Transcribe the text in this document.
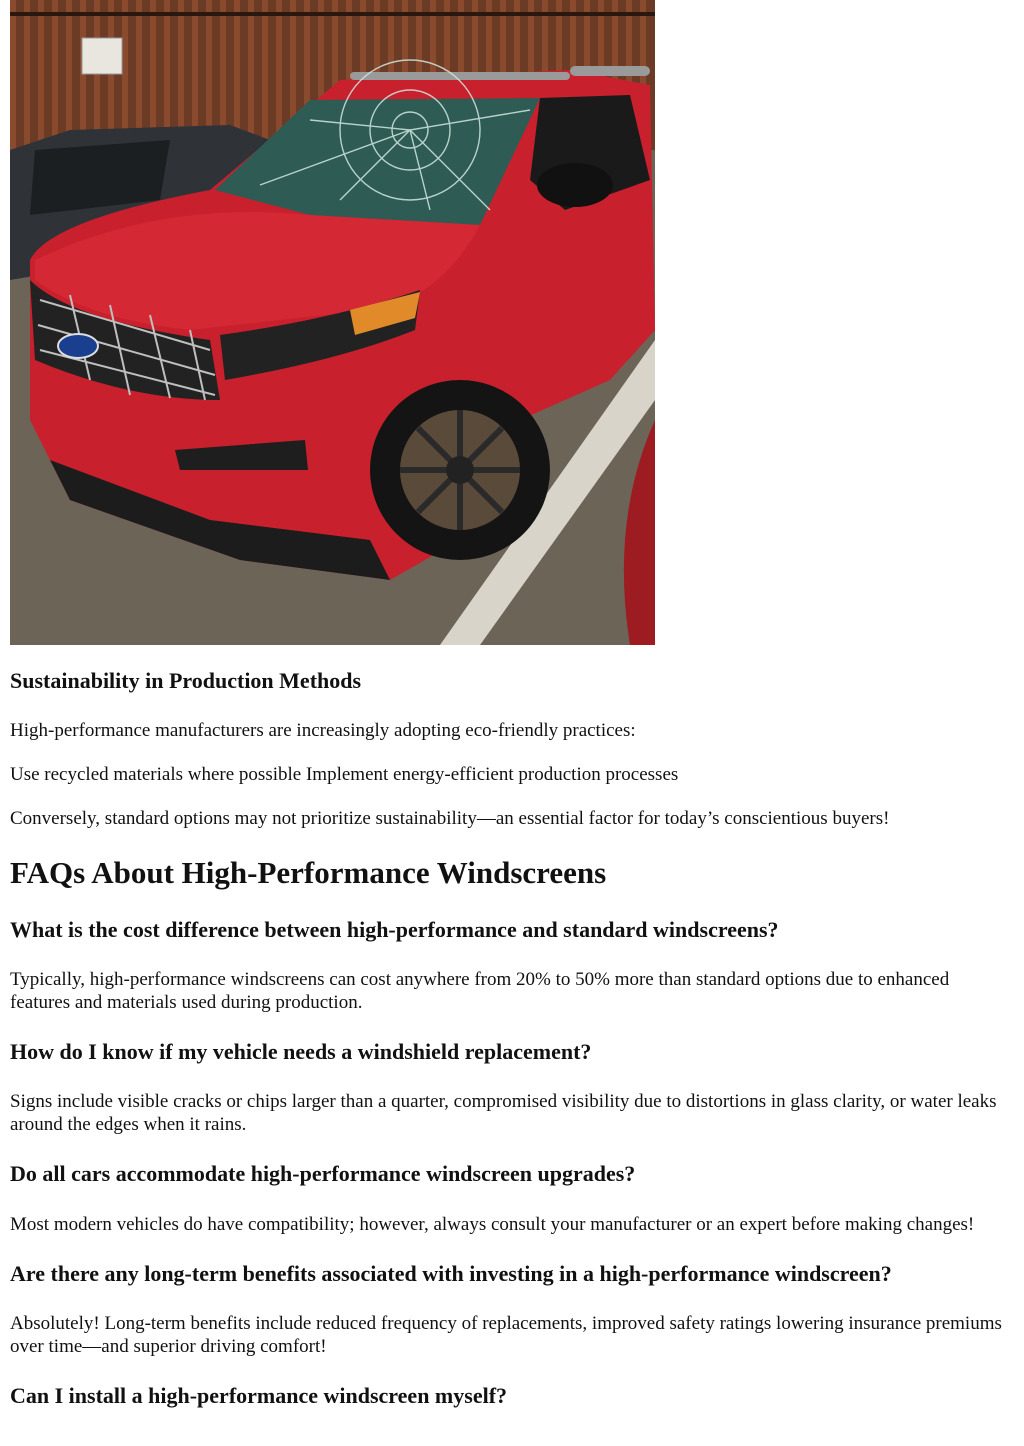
Sustainability in Production Methods

High-performance manufacturers are increasingly adopting eco-friendly practices:

Use recycled materials where possible Implement energy-efficient production processes

Conversely, standard options may not prioritize sustainability—an essential factor for today’s conscientious buyers!

FAQs About High-Performance Windscreens
What is the cost difference between high-performance and standard windscreens?

Typically, high-performance windscreens can cost anywhere from 20% to 50% more than standard options due to enhanced features and materials used during production.

How do I know if my vehicle needs a windshield replacement?

Signs include visible cracks or chips larger than a quarter, compromised visibility due to distortions in glass clarity, or water leaks around the edges when it rains.

Do all cars accommodate high-performance windscreen upgrades?

Most modern vehicles do have compatibility; however, always consult your manufacturer or an expert before making changes!

Are there any long-term benefits associated with investing in a high-performance windscreen?

Absolutely! Long-term benefits include reduced frequency of replacements, improved safety ratings lowering insurance premiums over time—and superior driving comfort!

Can I install a high-performance windscreen myself?
